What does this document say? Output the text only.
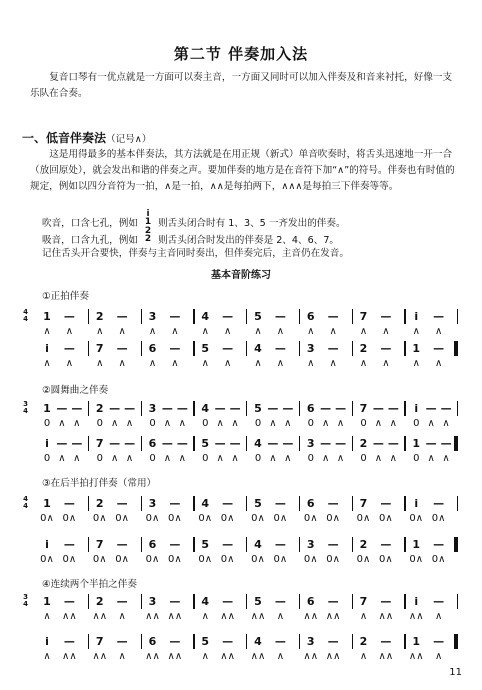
第二节 伴奏加入法

复音口琴有一优点就是一方面可以奏主音，一方面又同时可以加入伴奏及和音来衬托，好像一支乐队在合奏。

一、低音伴奏法（记号∧）

这是用得最多的基本伴奏法，其方法就是在用正规（新式）单音吹奏时，将舌头迅速地一开一合（放回原处），就会发出和谐的伴奏之声。要加伴奏的地方是在音符下加“∧”的符号。伴奏也有时值的规定，例如以四分音符为一拍，∧是一拍，∧∧是每拍两下，∧∧∧是每拍三下伴奏等等。

吹音，口含七孔，例如 i
1 则舌头闭合时有 1、3、5 一齐发出的伴奏。
吸音，口含九孔，例如 2
2 则舌头闭合时发出的伴奏是 2、4、6、7。
记住舌头开合要快，伴奏与主音同时奏出，但伴奏完后，主音仍在发音。
基本音阶练习
①正拍伴奏
②圆舞曲之伴奏
③在后半拍打伴奏（常用）
④连续两个半拍之伴奏
4
4 1
∧
—
∧
2
∧
—
∧
3
∧
—
∧
4
∧
—
∧
5
∧
—
∧
6
∧
—
∧
7
∧
—
∧
i
∧
—
∧
i
∧
—
∧
7
∧
—
∧
6
∧
—
∧
5
∧
—
∧
4
∧
—
∧
3
∧
—
∧
2
∧
—
∧
1
∧
—
∧
3
4 1
0
—
∧
—
∧
2
0
—
∧
—
∧
3
0
—
∧
—
∧
4
0
—
∧
—
∧
5
0
—
∧
—
∧
6
0
—
∧
—
∧
7
0
—
∧
—
∧
i
0
—
∧
—
∧
i
0
—
∧
—
∧
7
0
—
∧
—
∧
6
0
—
∧
—
∧
5
0
—
∧
—
∧
4
0
—
∧
—
∧
3
0
—
∧
—
∧
2
0
—
∧
—
∧
1
0
—
∧
—
∧
4
4 1
0∧
—
0∧
2
0∧
—
0∧
3
0∧
—
0∧
4
0∧
—
0∧
5
0∧
—
0∧
6
0∧
—
0∧
7
0∧
—
0∧
i
0∧
—
0∧
i
0∧
—
0∧
7
0∧
—
0∧
6
0∧
—
0∧
5
0∧
—
0∧
4
0∧
—
0∧
3
0∧
—
0∧
2
0∧
—
0∧
1
0∧
—
0∧
3
4 1
∧
—
∧∧
2
∧∧
—
∧
3
∧∧
—
∧∧
4
∧
—
∧∧
5
∧∧
—
∧
6
∧∧
—
∧∧
7
∧
—
∧∧
i
∧∧
—
∧
i
∧
—
∧∧
7
∧∧
—
∧
6
∧∧
—
∧∧
5
∧
—
∧∧
4
∧∧
—
∧
3
∧∧
—
∧∧
2
∧
—
∧∧
1
∧∧
—
∧
11
